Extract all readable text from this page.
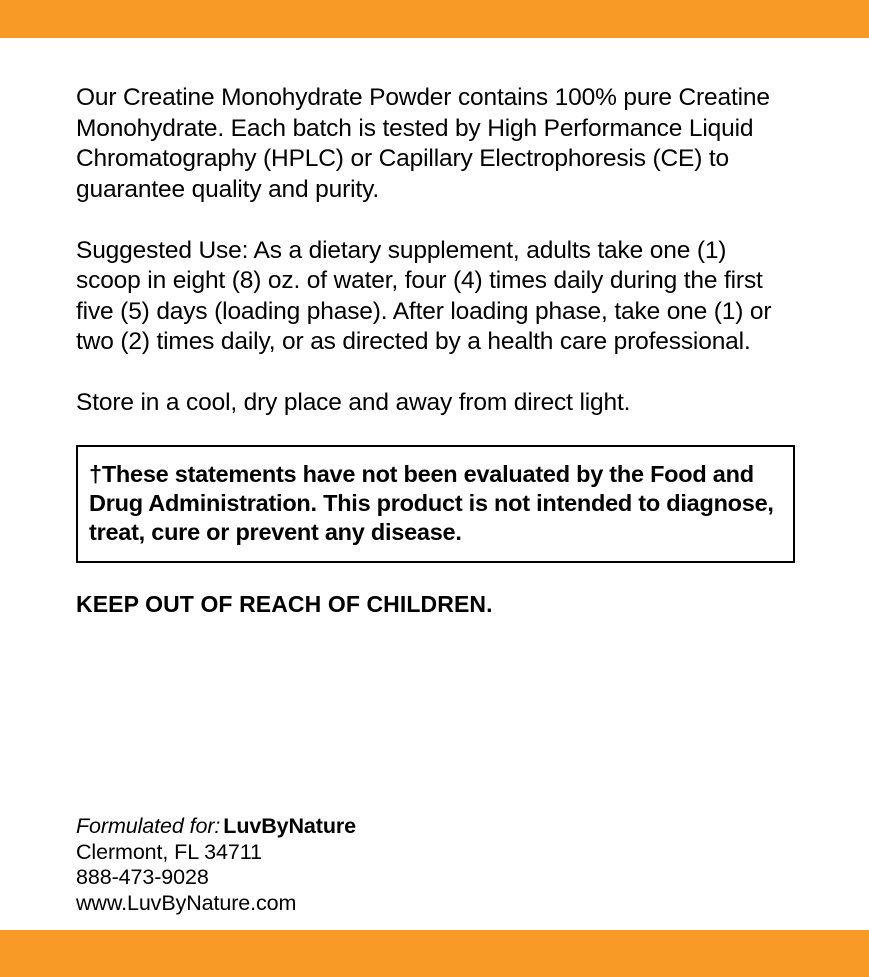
Our Creatine Monohydrate Powder contains 100% pure Creatine Monohydrate. Each batch is tested by High Performance Liquid Chromatography (HPLC) or Capillary Electrophoresis (CE) to guarantee quality and purity.

Suggested Use: As a dietary supplement, adults take one (1) scoop in eight (8) oz. of water, four (4) times daily during the first five (5) days (loading phase). After loading phase, take one (1) or two (2) times daily, or as directed by a health care professional.

Store in a cool, dry place and away from direct light.

†These statements have not been evaluated by the Food and Drug Administration. This product is not intended to diagnose, treat, cure or prevent any disease.

KEEP OUT OF REACH OF CHILDREN.

Formulated for: LuvByNature
Clermont, FL 34711
888-473-9028
www.LuvByNature.com
